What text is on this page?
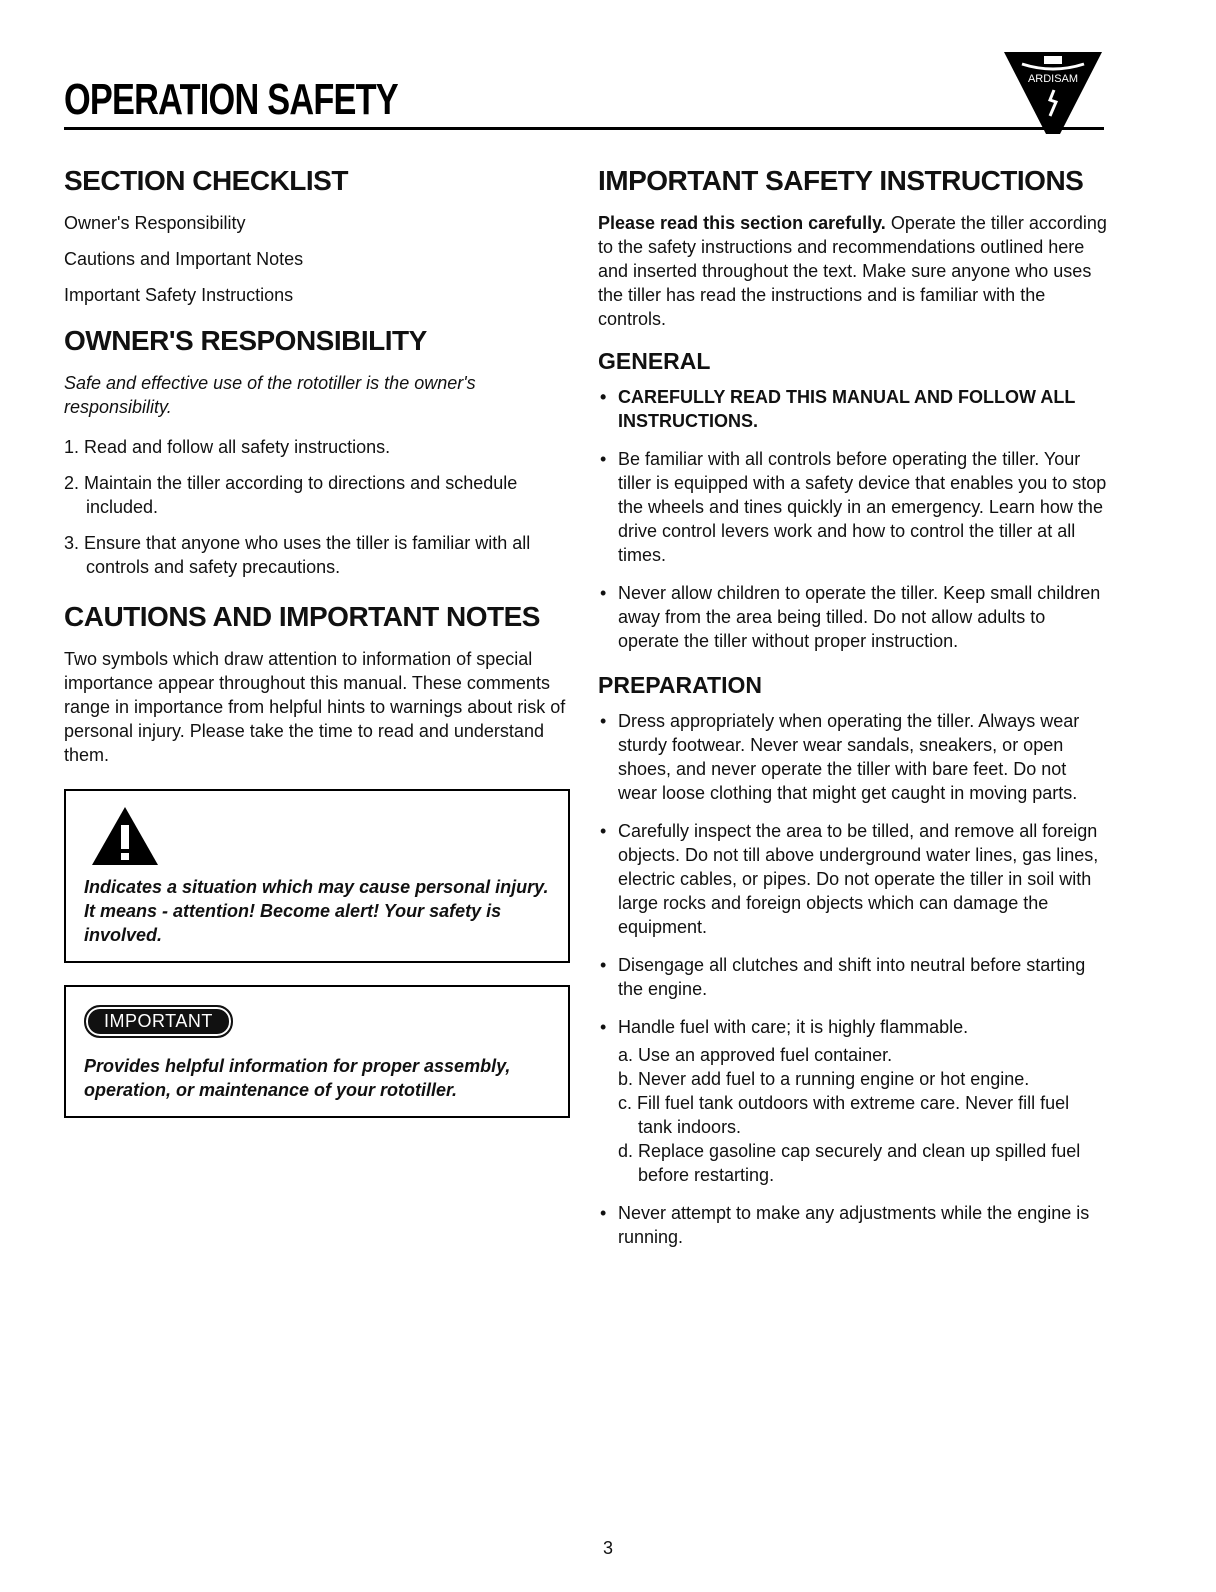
OPERATION SAFETY	ARDISAM
SECTION CHECKLIST
Owner's Responsibility
Cautions and Important Notes
Important Safety Instructions
OWNER'S RESPONSIBILITY

Safe and effective use of the rototiller is the owner's responsibility.

1. Read and follow all safety instructions.
2. Maintain the tiller according to directions and schedule included.
3. Ensure that anyone who uses the tiller is familiar with all controls and safety precautions.
CAUTIONS AND IMPORTANT NOTES

Two symbols which draw attention to information of special importance appear throughout this manual. These comments range in importance from helpful hints to warnings about risk of personal injury. Please take the time to read and understand them.

Indicates a situation which may cause personal injury. It means - attention! Become alert! Your safety is involved.

IMPORTANT

Provides helpful information for proper assembly, operation, or maintenance of your rototiller.

IMPORTANT SAFETY INSTRUCTIONS

Please read this section carefully. Operate the tiller according to the safety instructions and recommendations outlined here and inserted throughout the text. Make sure anyone who uses the tiller has read the instructions and is familiar with the controls.

GENERAL
• CAREFULLY READ THIS MANUAL AND FOLLOW ALL INSTRUCTIONS.
• Be familiar with all controls before operating the tiller. Your tiller is equipped with a safety device that enables you to stop the wheels and tines quickly in an emergency. Learn how the drive control levers work and how to control the tiller at all times.
• Never allow children to operate the tiller. Keep small children away from the area being tilled. Do not allow adults to operate the tiller without proper instruction.
PREPARATION
• Dress appropriately when operating the tiller. Always wear sturdy footwear. Never wear sandals, sneakers, or open shoes, and never operate the tiller with bare feet. Do not wear loose clothing that might get caught in moving parts.
• Carefully inspect the area to be tilled, and remove all foreign objects. Do not till above underground water lines, gas lines, electric cables, or pipes. Do not operate the tiller in soil with large rocks and foreign objects which can damage the equipment.
• Disengage all clutches and shift into neutral before starting the engine.
• Handle fuel with care; it is highly flammable.
a. Use an approved fuel container.
b. Never add fuel to a running engine or hot engine.
c. Fill fuel tank outdoors with extreme care. Never fill fuel tank indoors.
d. Replace gasoline cap securely and clean up spilled fuel before restarting.
• Never attempt to make any adjustments while the engine is running.
3
